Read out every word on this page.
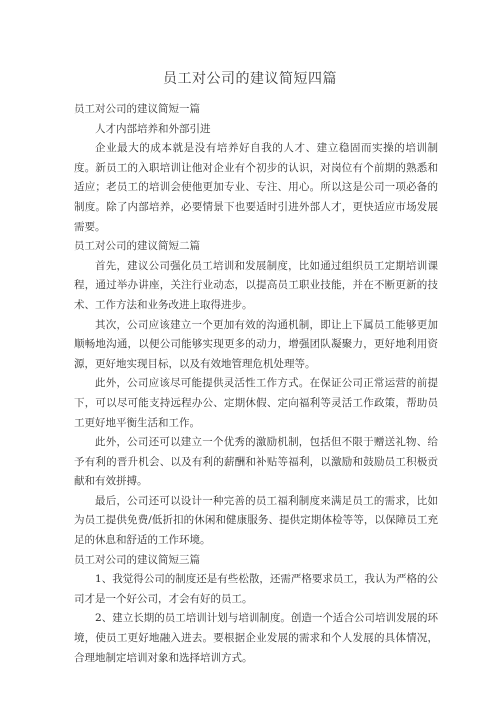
员工对公司的建议简短四篇

员工对公司的建议简短一篇

人才内部培养和外部引进

企业最大的成本就是没有培养好自我的人才、建立稳固而实操的培训制度。新员工的入职培训让他对企业有个初步的认识，对岗位有个前期的熟悉和适应；老员工的培训会使他更加专业、专注、用心。所以这是公司一项必备的制度。除了内部培养，必要情景下也要适时引进外部人才，更快适应市场发展需要。

员工对公司的建议简短二篇

首先，建议公司强化员工培训和发展制度，比如通过组织员工定期培训课程，通过举办讲座，关注行业动态，以提高员工职业技能，并在不断更新的技术、工作方法和业务改进上取得进步。

其次，公司应该建立一个更加有效的沟通机制，即让上下属员工能够更加顺畅地沟通，以便公司能够实现更多的动力，增强团队凝聚力，更好地利用资源，更好地实现目标，以及有效地管理危机处理等。

此外，公司应该尽可能提供灵活性工作方式。在保证公司正常运营的前提下，可以尽可能支持远程办公、定期休假、定向福利等灵活工作政策，帮助员工更好地平衡生活和工作。

此外，公司还可以建立一个优秀的激励机制，包括但不限于赠送礼物、给予有利的晋升机会、以及有利的薪酬和补贴等福利，以激励和鼓励员工积极贡献和有效拼搏。

最后，公司还可以设计一种完善的员工福利制度来满足员工的需求，比如为员工提供免费/低折扣的休闲和健康服务、提供定期体检等等，以保障员工充足的休息和舒适的工作环境。

员工对公司的建议简短三篇

1、我觉得公司的制度还是有些松散，还需严格要求员工，我认为严格的公司才是一个好公司，才会有好的员工。

2、建立长期的员工培训计划与培训制度。创造一个适合公司培训发展的环境，使员工更好地融入进去。要根据企业发展的需求和个人发展的具体情况，合理地制定培训对象和选择培训方式。
